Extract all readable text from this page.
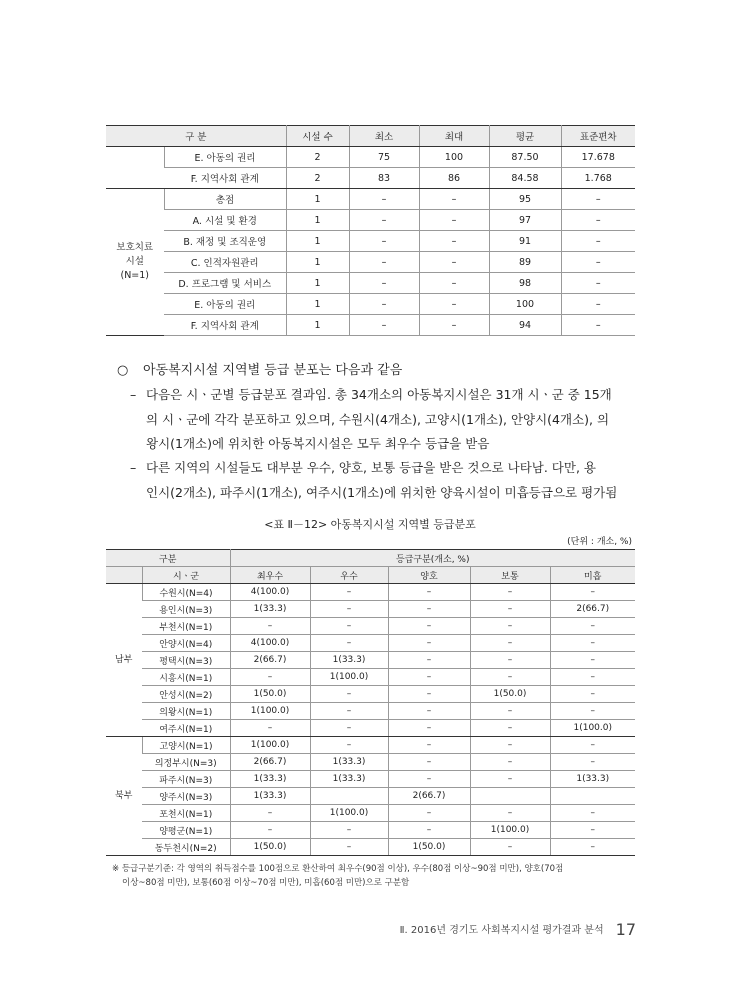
구 분		시설 수	최소	최대	평균	표준편차
	E. 아동의 권리	2	75	100	87.50	17.678
	F. 지역사회 관계	2	83	86	84.58	1.768

보호치료
시설
(N=1)	총점	1	–	–	95	–
	A. 시설 및 환경	1	–	–	97	–
	B. 재정 및 조직운영	1	–	–	91	–
	C. 인적자원관리	1	–	–	89	–
	D. 프로그램 및 서비스	1	–	–	98	–
	E. 아동의 권리	1	–	–	100	–
	F. 지역사회 관계	1	–	–	94	–
○ 아동복지시설 지역별 등급 분포는 다음과 같음
– 다음은 시ㆍ군별 등급분포 결과임. 총 34개소의 아동복지시설은 31개 시ㆍ군 중 15개
의 시ㆍ군에 각각 분포하고 있으며, 수원시(4개소), 고양시(1개소), 안양시(4개소), 의
왕시(1개소)에 위치한 아동복지시설은 모두 최우수 등급을 받음
– 다른 지역의 시설들도 대부분 우수, 양호, 보통 등급을 받은 것으로 나타남. 다만, 용
인시(2개소), 파주시(1개소), 여주시(1개소)에 위치한 양육시설이 미흡등급으로 평가됨
<표 Ⅱ－12> 아동복지시설 지역별 등급분포
(단위 : 개소, %)
구분		등급구분(개소, %)				
	시ㆍ군	최우수	우수	양호	보통	미흡

남부	수원시(N=4)	4(100.0)	–	–	–	–
	용인시(N=3)	1(33.3)	–	–	–	2(66.7)
	부천시(N=1)	–	–	–	–	–
	안양시(N=4)	4(100.0)	–	–	–	–
	평택시(N=3)	2(66.7)	1(33.3)	–	–	–
	시흥시(N=1)	–	1(100.0)	–	–	–
	안성시(N=2)	1(50.0)	–	–	1(50.0)	–
	의왕시(N=1)	1(100.0)	–	–	–	–
	여주시(N=1)	–	–	–	–	1(100.0)

북부	고양시(N=1)	1(100.0)	–	–	–	–
	의정부시(N=3)	2(66.7)	1(33.3)	–	–	–
	파주시(N=3)	1(33.3)	1(33.3)	–	–	1(33.3)
	양주시(N=3)	1(33.3)		2(66.7)		
	포천시(N=1)	–	1(100.0)	–	–	–
	양평군(N=1)	–	–	–	1(100.0)	–
	동두천시(N=2)	1(50.0)	–	1(50.0)	–	–
※ 등급구분기준: 각 영역의 취득점수를 100점으로 환산하여 최우수(90점 이상), 우수(80점 이상~90점 미만), 양호(70점
이상~80점 미만), 보통(60점 이상~70점 미만), 미흡(60점 미만)으로 구분함
Ⅱ. 2016년 경기도 사회복지시설 평가결과 분석 17
